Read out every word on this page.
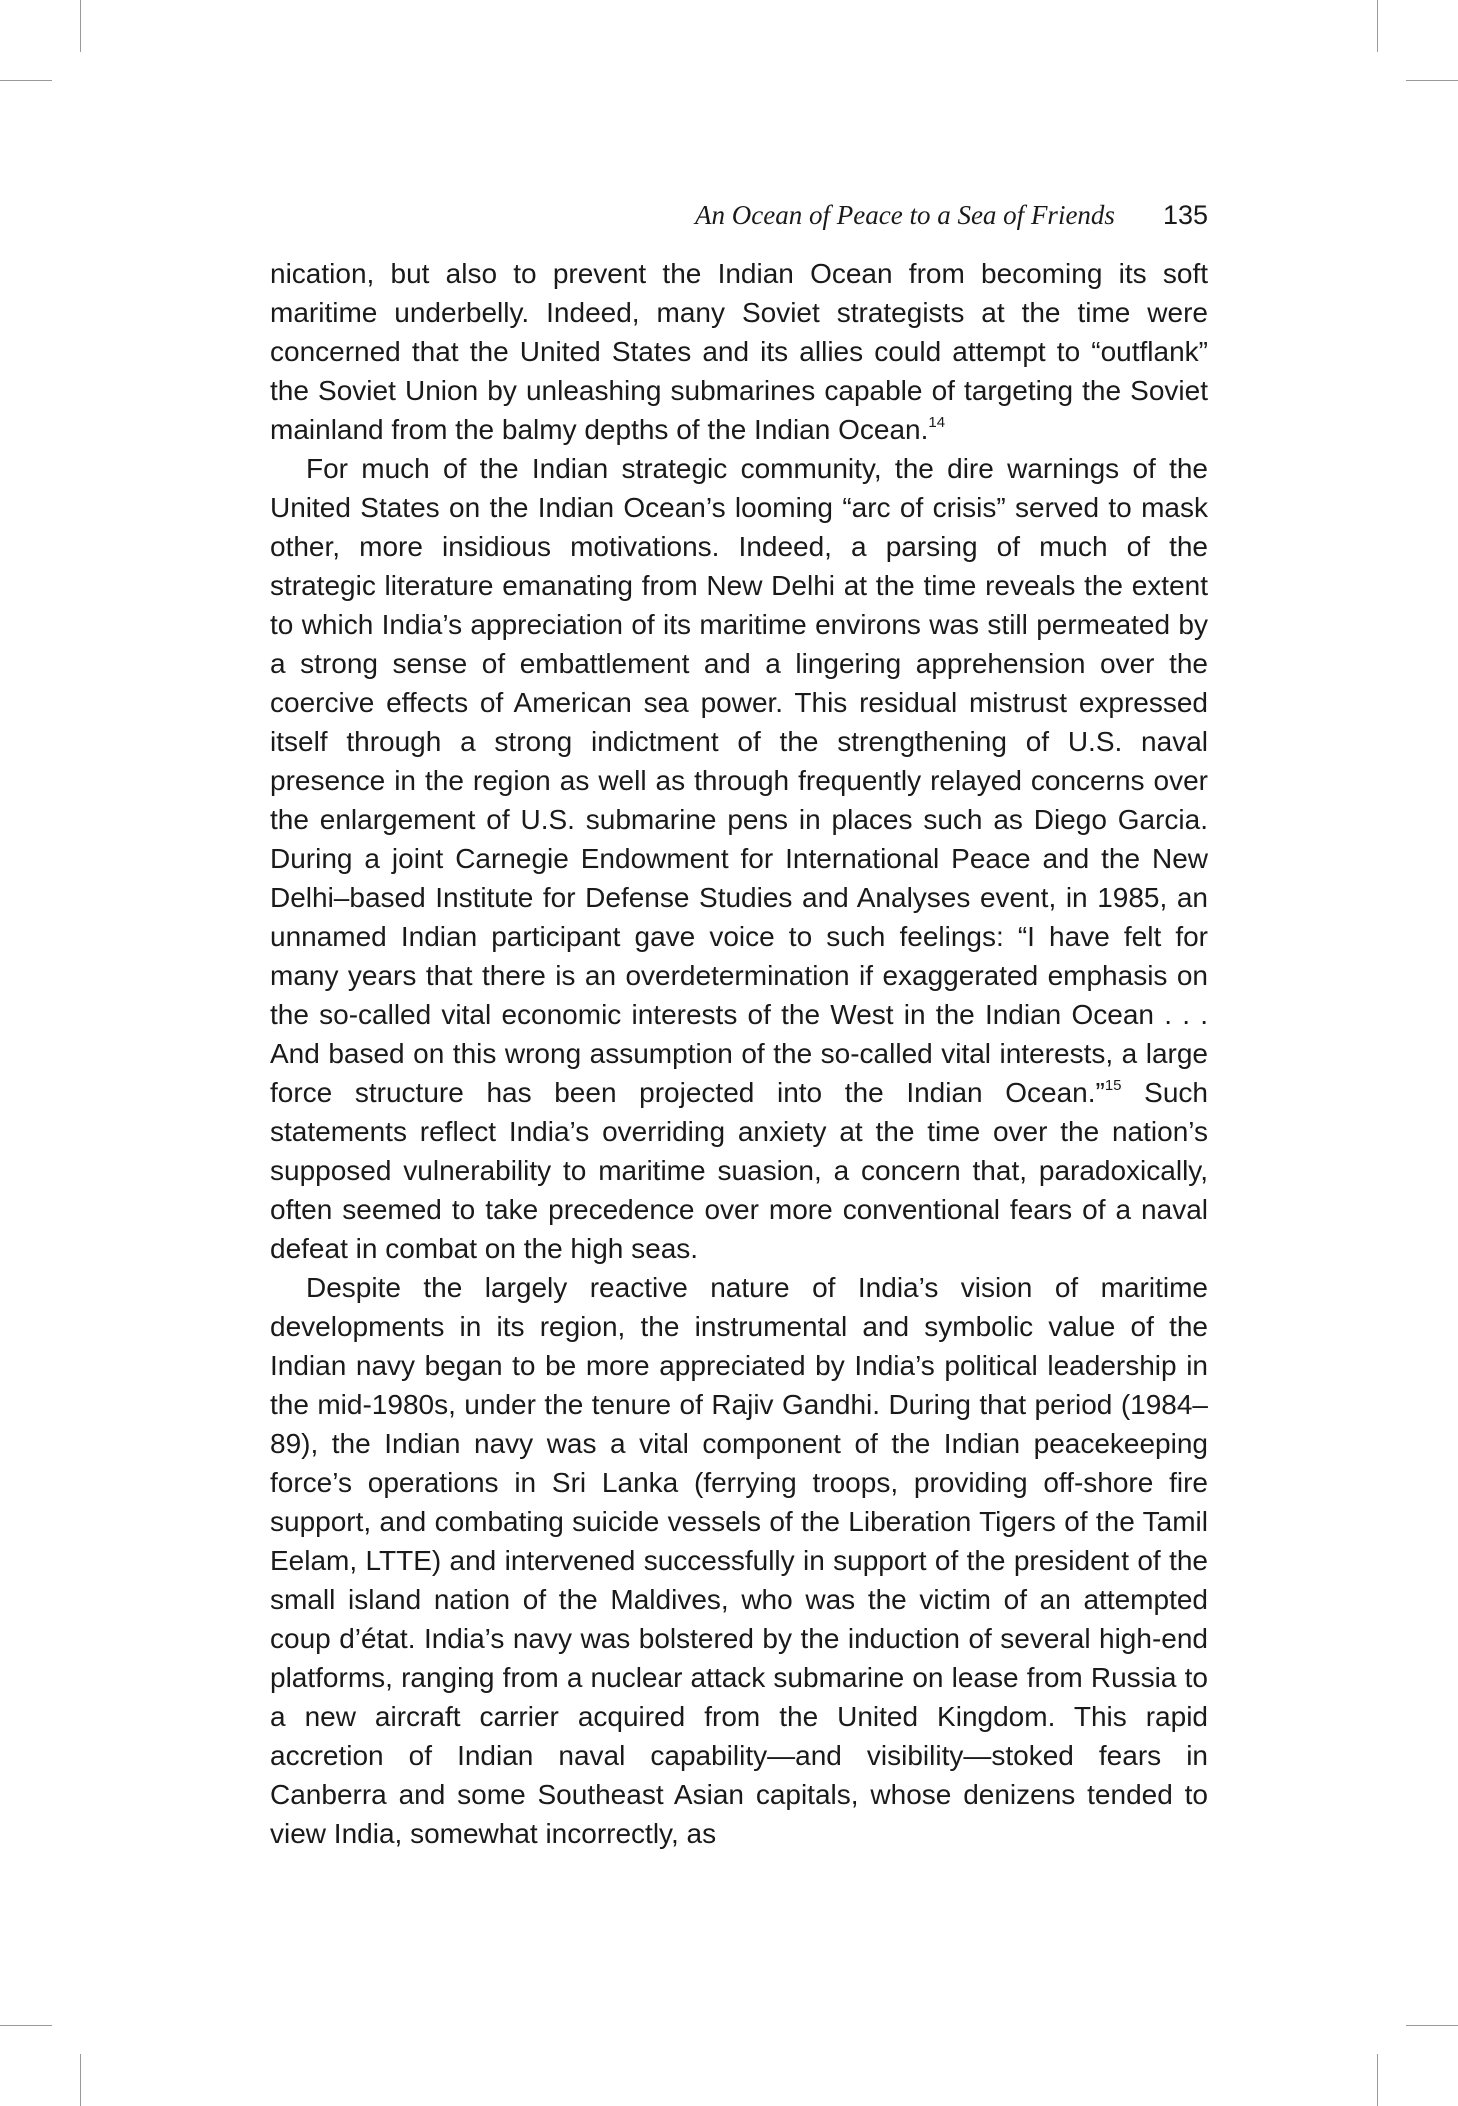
An Ocean of Peace to a Sea of Friends 135

nication, but also to prevent the Indian Ocean from becoming its soft maritime underbelly. Indeed, many Soviet strategists at the time were concerned that the United States and its allies could attempt to “outflank” the Soviet Union by unleashing submarines capable of targeting the Soviet mainland from the balmy depths of the Indian Ocean.$^{14}$

For much of the Indian strategic community, the dire warnings of the United States on the Indian Ocean’s looming “arc of crisis” served to mask other, more insidious motivations. Indeed, a parsing of much of the strategic literature emanating from New Delhi at the time reveals the extent to which India’s appreciation of its maritime environs was still permeated by a strong sense of embattlement and a lingering apprehension over the coercive effects of American sea power. This residual mistrust expressed itself through a strong indictment of the strengthening of U.S. naval presence in the region as well as through frequently relayed concerns over the enlargement of U.S. submarine pens in places such as Diego Garcia. During a joint Carnegie Endowment for International Peace and the New Delhi–based Institute for Defense Studies and Analyses event, in 1985, an unnamed Indian participant gave voice to such feelings: “I have felt for many years that there is an overdetermination if exaggerated emphasis on the so-called vital economic interests of the West in the Indian Ocean . . . And based on this wrong assumption of the so-called vital interests, a large force structure has been projected into the Indian Ocean.”$^{15}$ Such statements reflect India’s overriding anxiety at the time over the nation’s supposed vulnerability to maritime suasion, a concern that, paradoxically, often seemed to take precedence over more conventional fears of a naval defeat in combat on the high seas.

Despite the largely reactive nature of India’s vision of maritime developments in its region, the instrumental and symbolic value of the Indian navy began to be more appreciated by India’s political leadership in the mid-1980s, under the tenure of Rajiv Gandhi. During that period (1984–89), the Indian navy was a vital component of the Indian peacekeeping force’s operations in Sri Lanka (ferrying troops, providing off-shore fire support, and combating suicide vessels of the Liberation Tigers of the Tamil Eelam, LTTE) and intervened successfully in support of the president of the small island nation of the Maldives, who was the victim of an attempted coup d’état. India’s navy was bolstered by the induction of several high-end platforms, ranging from a nuclear attack submarine on lease from Russia to a new aircraft carrier acquired from the United Kingdom. This rapid accretion of Indian naval capability—and visibility—stoked fears in Canberra and some Southeast Asian capitals, whose denizens tended to view India, somewhat incorrectly, as
